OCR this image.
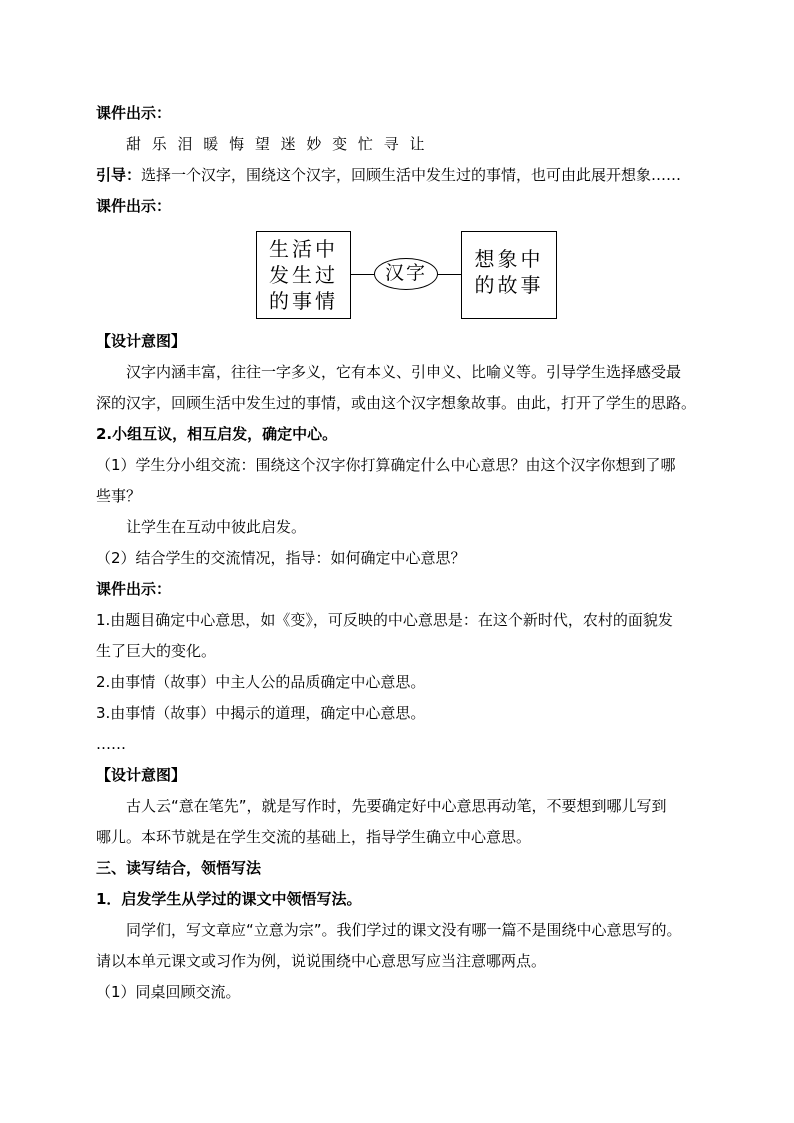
课件出示：
甜 乐 泪 暖 悔 望 迷 妙 变 忙 寻 让
引导：选择一个汉字，围绕这个汉字，回顾生活中发生过的事情，也可由此展开想象……
课件出示：
生活中
发生过
的事情
汉字
想象中
的故事
【设计意图】
汉字内涵丰富，往往一字多义，它有本义、引申义、比喻义等。引导学生选择感受最
深的汉字，回顾生活中发生过的事情，或由这个汉字想象故事。由此，打开了学生的思路。
2.小组互议，相互启发，确定中心。
（1）学生分小组交流：围绕这个汉字你打算确定什么中心意思？由这个汉字你想到了哪
些事？
让学生在互动中彼此启发。
（2）结合学生的交流情况，指导：如何确定中心意思？
课件出示：
1.由题目确定中心意思，如《变》，可反映的中心意思是：在这个新时代，农村的面貌发
生了巨大的变化。
2.由事情（故事）中主人公的品质确定中心意思。
3.由事情（故事）中揭示的道理，确定中心意思。
……
【设计意图】
古人云“意在笔先”，就是写作时，先要确定好中心意思再动笔，不要想到哪儿写到
哪儿。本环节就是在学生交流的基础上，指导学生确立中心意思。
三、读写结合，领悟写法
1．启发学生从学过的课文中领悟写法。
同学们，写文章应“立意为宗”。我们学过的课文没有哪一篇不是围绕中心意思写的。
请以本单元课文或习作为例，说说围绕中心意思写应当注意哪两点。
（1）同桌回顾交流。
